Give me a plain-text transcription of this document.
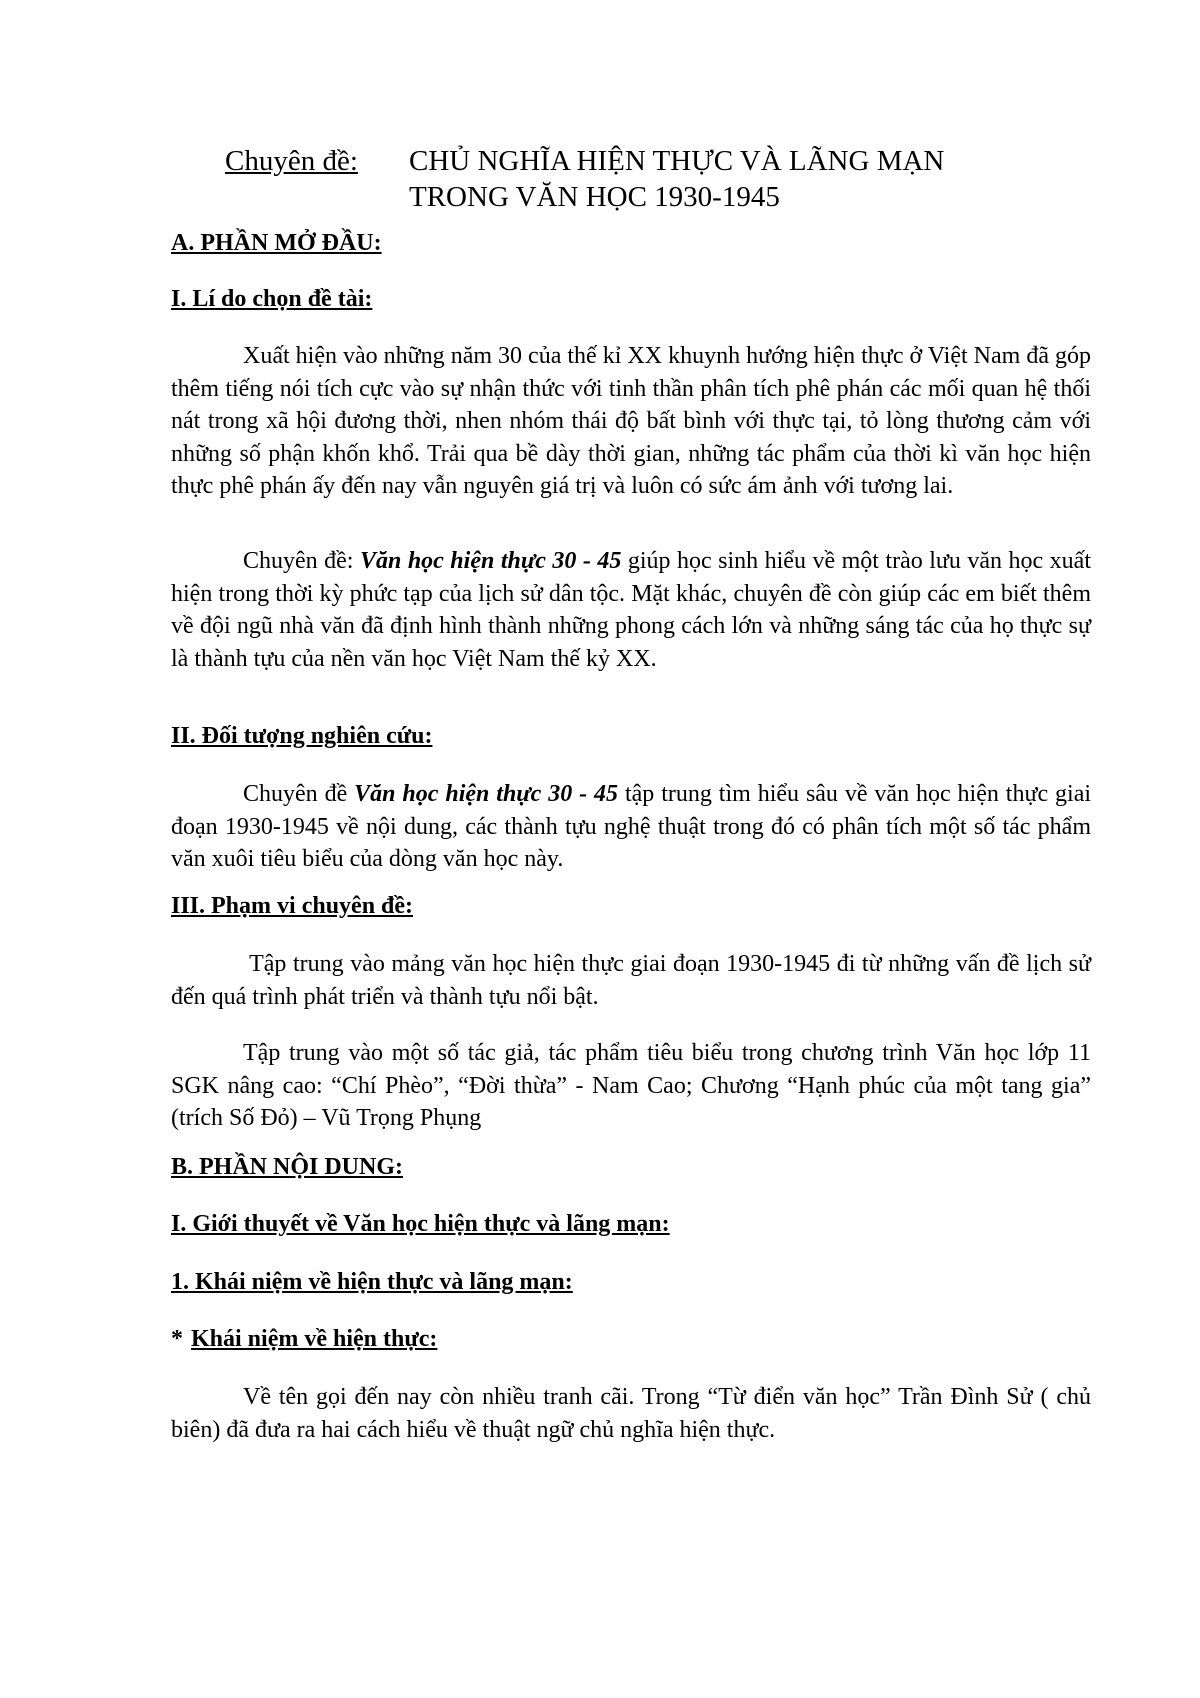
Chuyên đề: CHỦ NGHĨA HIỆN THỰC VÀ LÃNG MẠN
TRONG VĂN HỌC 1930-1945
A. PHẦN MỞ ĐẦU:
I. Lí do chọn đề tài:
Xuất hiện vào những năm 30 của thế kỉ XX khuynh hướng hiện thực ở Việt Nam đã góp thêm tiếng nói tích cực vào sự nhận thức với tinh thần phân tích phê phán các mối quan hệ thối nát trong xã hội đương thời, nhen nhóm thái độ bất bình với thực tại, tỏ lòng thương cảm với những số phận khốn khổ. Trải qua bề dày thời gian, những tác phẩm của thời kì văn học hiện thực phê phán ấy đến nay vẫn nguyên giá trị và luôn có sức ám ảnh với tương lai.
Chuyên đề: Văn học hiện thực 30 - 45 giúp học sinh hiểu về một trào lưu văn học xuất hiện trong thời kỳ phức tạp của lịch sử dân tộc. Mặt khác, chuyên đề còn giúp các em biết thêm về đội ngũ nhà văn đã định hình thành những phong cách lớn và những sáng tác của họ thực sự là thành tựu của nền văn học Việt Nam thế kỷ XX.
II. Đối tượng nghiên cứu:
Chuyên đề Văn học hiện thực 30 - 45 tập trung tìm hiểu sâu về văn học hiện thực giai đoạn 1930-1945 về nội dung, các thành tựu nghệ thuật trong đó có phân tích một số tác phẩm văn xuôi tiêu biểu của dòng văn học này.
III. Phạm vi chuyên đề:
Tập trung vào mảng văn học hiện thực giai đoạn 1930-1945 đi từ những vấn đề lịch sử đến quá trình phát triển và thành tựu nổi bật.
Tập trung vào một số tác giả, tác phẩm tiêu biểu trong chương trình Văn học lớp 11 SGK nâng cao: “Chí Phèo”, “Đời thừa” - Nam Cao; Chương “Hạnh phúc của một tang gia” (trích Số Đỏ) – Vũ Trọng Phụng
B. PHẦN NỘI DUNG:
I. Giới thuyết về Văn học hiện thực và lãng mạn:
1. Khái niệm về hiện thực và lãng mạn:
* Khái niệm về hiện thực:
Về tên gọi đến nay còn nhiều tranh cãi. Trong “Từ điển văn học” Trần Đình Sử ( chủ biên) đã đưa ra hai cách hiểu về thuật ngữ chủ nghĩa hiện thực.
